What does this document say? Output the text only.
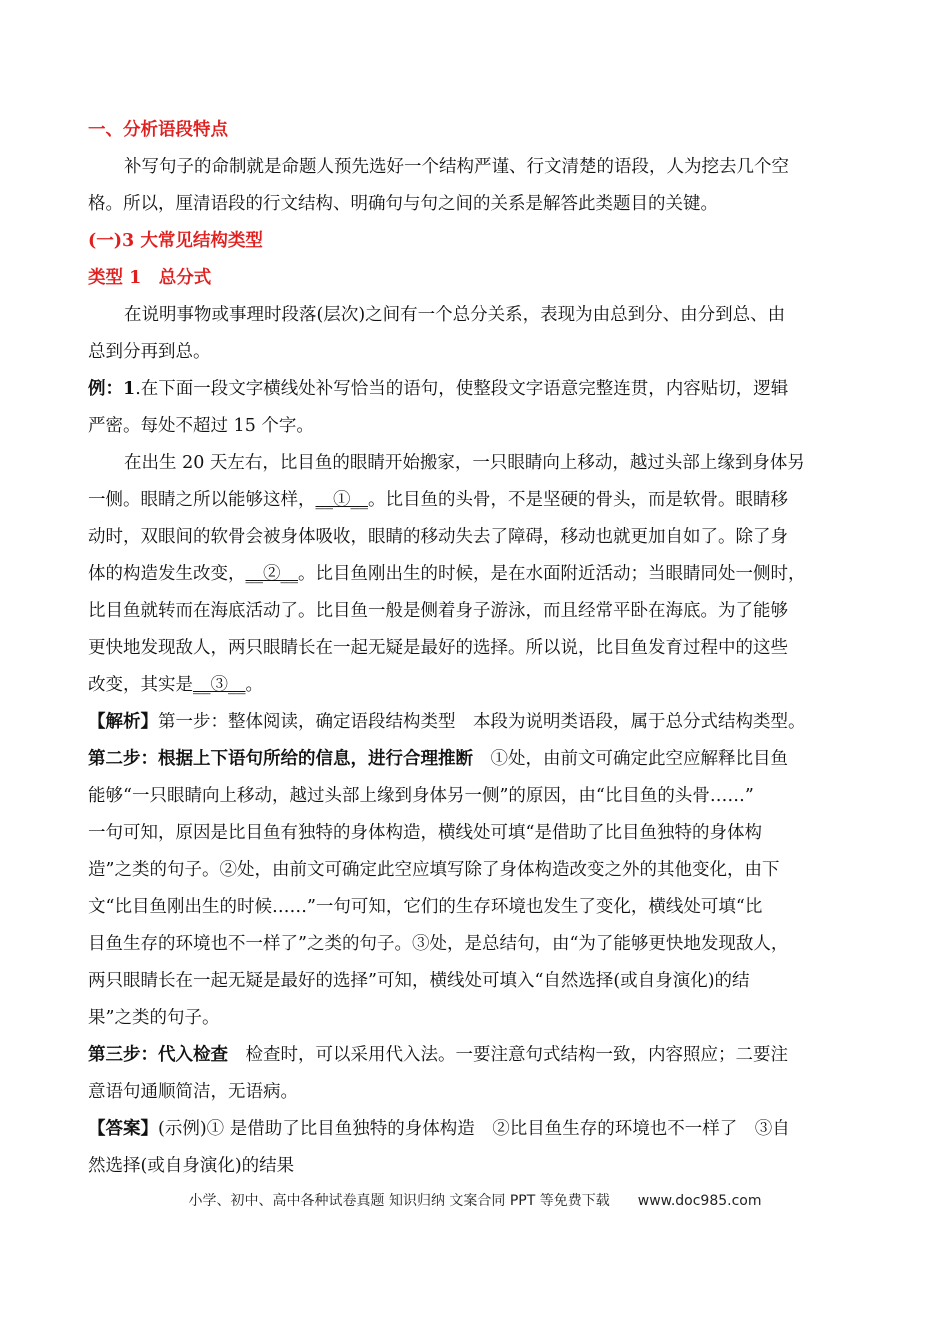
一、分析语段特点
补写句子的命制就是命题人预先选好一个结构严谨、行文清楚的语段，人为挖去几个空
格。所以，厘清语段的行文结构、明确句与句之间的关系是解答此类题目的关键。
(一)3 大常见结构类型
类型 1　总分式
在说明事物或事理时段落(层次)之间有一个总分关系，表现为由总到分、由分到总、由
总到分再到总。
例：1.在下面一段文字横线处补写恰当的语句，使整段文字语意完整连贯，内容贴切，逻辑
严密。每处不超过 15 个字。
在出生 20 天左右，比目鱼的眼睛开始搬家，一只眼睛向上移动，越过头部上缘到身体另
一侧。眼睛之所以能够这样，__①__。比目鱼的头骨，不是坚硬的骨头，而是软骨。眼睛移
动时，双眼间的软骨会被身体吸收，眼睛的移动失去了障碍，移动也就更加自如了。除了身
体的构造发生改变，__②__。比目鱼刚出生的时候，是在水面附近活动；当眼睛同处一侧时，
比目鱼就转而在海底活动了。比目鱼一般是侧着身子游泳，而且经常平卧在海底。为了能够
更快地发现敌人，两只眼睛长在一起无疑是最好的选择。所以说，比目鱼发育过程中的这些
改变，其实是__③__。
【解析】第一步：整体阅读，确定语段结构类型　本段为说明类语段，属于总分式结构类型。
第二步：根据上下语句所给的信息，进行合理推断　①处，由前文可确定此空应解释比目鱼
能够“一只眼睛向上移动，越过头部上缘到身体另一侧”的原因，由“比目鱼的头骨……”
一句可知，原因是比目鱼有独特的身体构造，横线处可填“是借助了比目鱼独特的身体构
造”之类的句子。②处，由前文可确定此空应填写除了身体构造改变之外的其他变化，由下
文“比目鱼刚出生的时候……”一句可知，它们的生存环境也发生了变化，横线处可填“比
目鱼生存的环境也不一样了”之类的句子。③处，是总结句，由“为了能够更快地发现敌人，
两只眼睛长在一起无疑是最好的选择”可知，横线处可填入“自然选择(或自身演化)的结
果”之类的句子。
第三步：代入检查　检查时，可以采用代入法。一要注意句式结构一致，内容照应；二要注
意语句通顺简洁，无语病。
【答案】(示例)① 是借助了比目鱼独特的身体构造　②比目鱼生存的环境也不一样了　③自
然选择(或自身演化)的结果
小学、初中、高中各种试卷真题 知识归纳 文案合同 PPT 等免费下载 www.doc985.com
